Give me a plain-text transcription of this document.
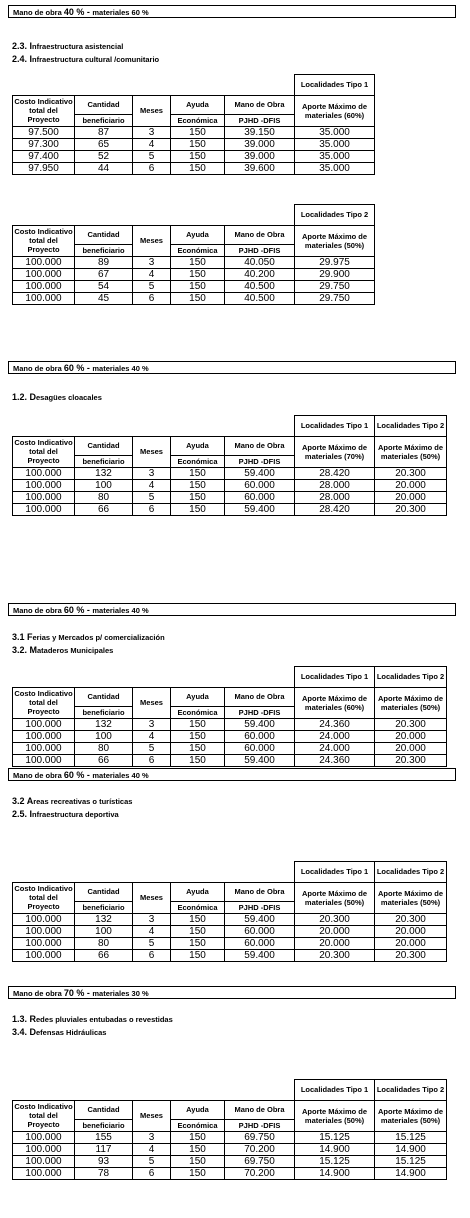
Mano de obra 40 % - materiales 60 %
2.3. Infraestructura asistencial
2.4. Infraestructura cultural /comunitario
					Localidades Tipo 1
Costo Indicativo total del Proyecto	Cantidad	Meses	Ayuda	Mano de Obra	Aporte Máximo de materiales (60%)
	beneficiario		Económica	PJHD -DFIS	
97.500	87	3	150	39.150	35.000
97.300	65	4	150	39.000	35.000
97.400	52	5	150	39.000	35.000
97.950	44	6	150	39.600	35.000
					Localidades Tipo 2
Costo Indicativo total del Proyecto	Cantidad	Meses	Ayuda	Mano de Obra	Aporte Máximo de materiales (50%)
	beneficiario		Económica	PJHD -DFIS	
100.000	89	3	150	40.050	29.975
100.000	67	4	150	40.200	29.900
100.000	54	5	150	40.500	29.750
100.000	45	6	150	40.500	29.750
Mano de obra 60 % - materiales 40 %
1.2. Desagües cloacales
					Localidades Tipo 1	Localidades Tipo 2
Costo Indicativo total del Proyecto	Cantidad	Meses	Ayuda	Mano de Obra	Aporte Máximo de materiales (70%)	Aporte Máximo de materiales (50%)
	beneficiario		Económica	PJHD -DFIS		
100.000	132	3	150	59.400	28.420	20.300
100.000	100	4	150	60.000	28.000	20.000
100.000	80	5	150	60.000	28.000	20.000
100.000	66	6	150	59.400	28.420	20.300
Mano de obra 60 % - materiales 40 %
3.1 Ferias y Mercados p/ comercialización
3.2. Mataderos Municipales
					Localidades Tipo 1	Localidades Tipo 2
Costo Indicativo total del Proyecto	Cantidad	Meses	Ayuda	Mano de Obra	Aporte Máximo de materiales (60%)	Aporte Máximo de materiales (50%)
	beneficiario		Económica	PJHD -DFIS		
100.000	132	3	150	59.400	24.360	20.300
100.000	100	4	150	60.000	24.000	20.000
100.000	80	5	150	60.000	24.000	20.000
100.000	66	6	150	59.400	24.360	20.300
Mano de obra 60 % - materiales 40 %
3.2 Areas recreativas o turísticas
2.5. Infraestructura deportiva
					Localidades Tipo 1	Localidades Tipo 2
Costo Indicativo total del Proyecto	Cantidad	Meses	Ayuda	Mano de Obra	Aporte Máximo de materiales (50%)	Aporte Máximo de materiales (50%)
	beneficiario		Económica	PJHD -DFIS		
100.000	132	3	150	59.400	20.300	20.300
100.000	100	4	150	60.000	20.000	20.000
100.000	80	5	150	60.000	20.000	20.000
100.000	66	6	150	59.400	20.300	20.300
Mano de obra 70 % - materiales 30 %
1.3. Redes pluviales entubadas o revestidas
3.4. Defensas Hidráulicas
					Localidades Tipo 1	Localidades Tipo 2
Costo Indicativo total del Proyecto	Cantidad	Meses	Ayuda	Mano de Obra	Aporte Máximo de materiales (50%)	Aporte Máximo de materiales (50%)
	beneficiario		Económica	PJHD -DFIS		
100.000	155	3	150	69.750	15.125	15.125
100.000	117	4	150	70.200	14.900	14.900
100.000	93	5	150	69.750	15.125	15.125
100.000	78	6	150	70.200	14.900	14.900
